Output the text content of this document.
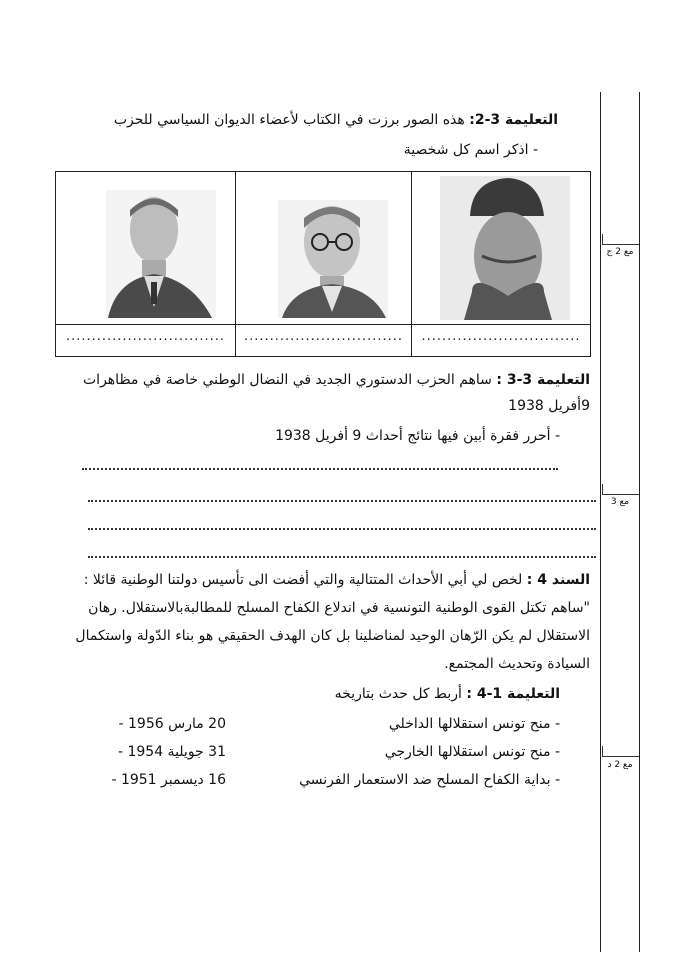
مع 2 ج
مع 3
مع 2 د
التعليمة 3-2: هذه الصور برزت في الكتاب لأعضاء الديوان السياسي للحزب
- اذكر اسم كل شخصية
...............................	...............................	...............................
التعليمة 3-3 : ساهم الحزب الدستوري الجديد في النضال الوطني خاصة في مظاهرات
9أفريل 1938
- أحرر فقرة أبين فيها نتائج أحداث 9 أفريل 1938
السند 4 : لخص لي أبي الأحداث المتتالية والتي أفضت الى تأسيس دولتنا الوطنية قائلا :
"ساهم تكتل القوى الوطنية التونسية في اندلاع الكفاح المسلح للمطالبةبالاستقلال. رهان
الاستقلال لم يكن الرّهان الوحيد لمناضلينا بل كان الهدف الحقيقي هو بناء الدّولة واستكمال
السيادة وتحديث المجتمع.
التعليمة 1-4 : أربط كل حدث بتاريخه
- منح تونس استقلالها الداخلي
- منح تونس استقلالها الخارجي
- بداية الكفاح المسلح ضد الاستعمار الفرنسي
20 مارس 1956 -
31 جويلية 1954 -
16 ديسمبر 1951 -
